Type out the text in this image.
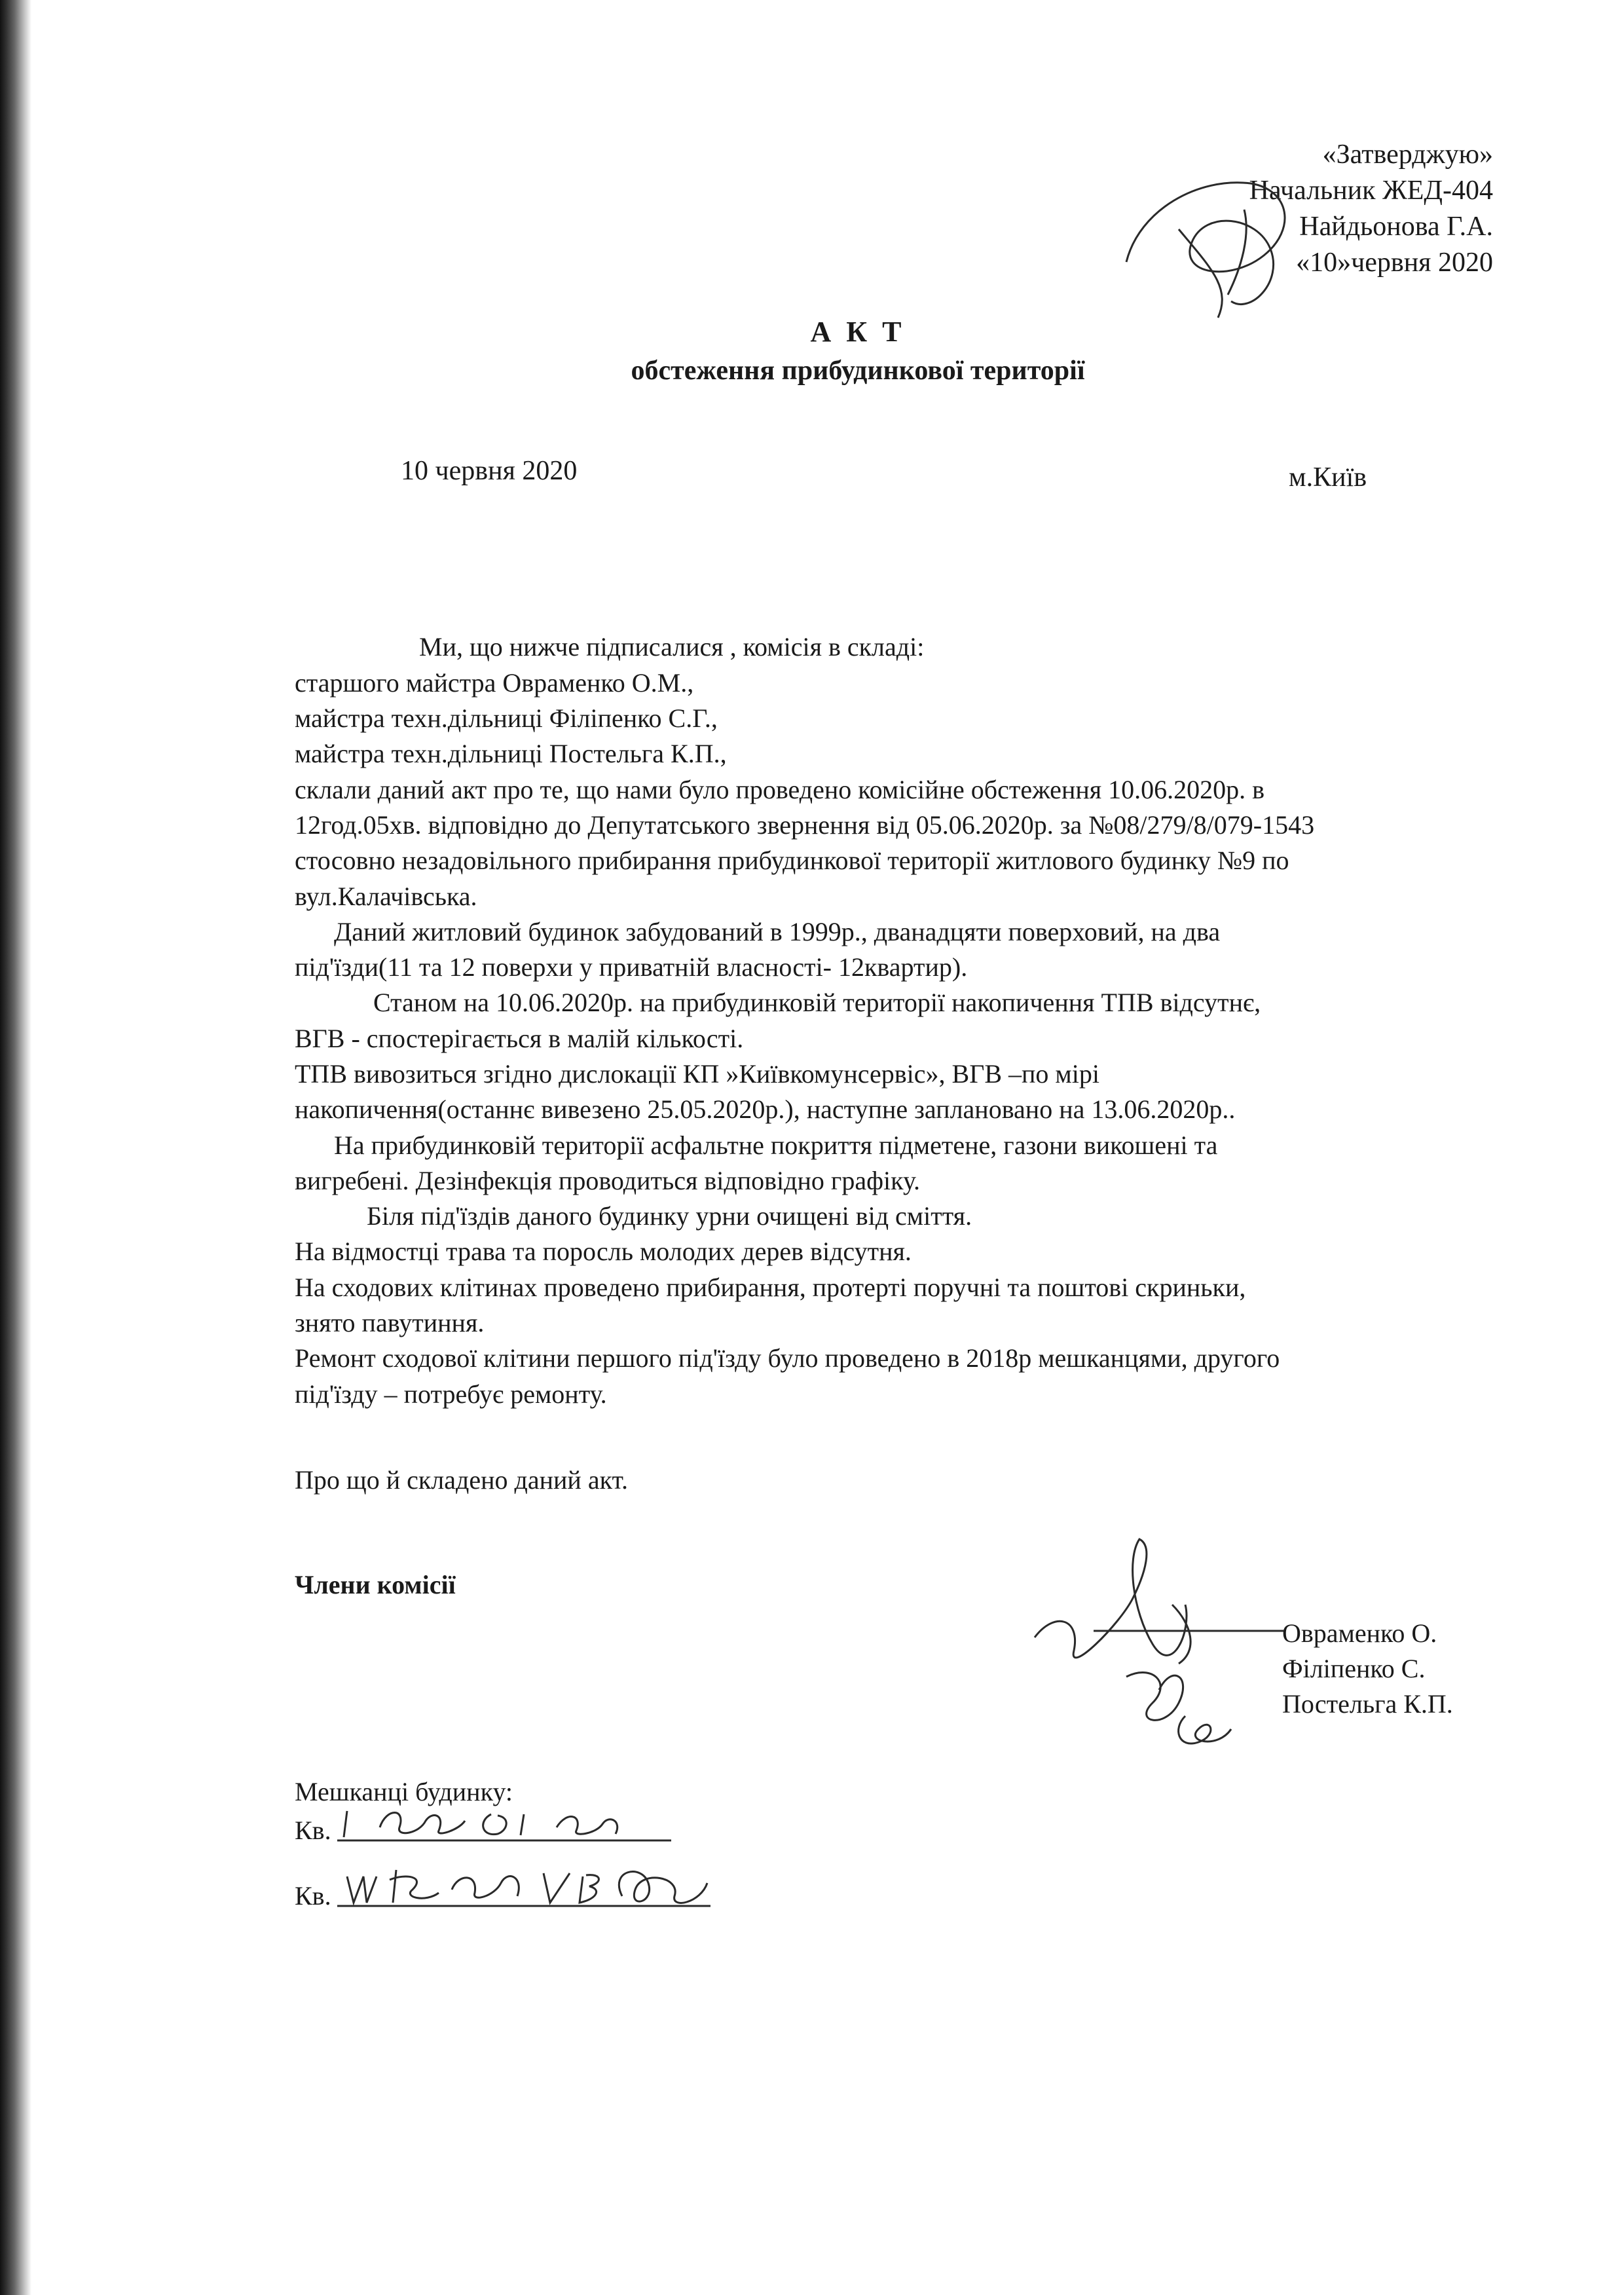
«Затверджую»
Начальник ЖЕД-404
Найдьонова Г.А.
«10»червня 2020
А К Т
обстеження прибудинкової території
10 червня 2020	м.Київ
Ми, що нижче підписалися , комісія в складі:
старшого майстра Овраменко О.М.,
майстра техн.дільниці Філіпенко С.Г.,
майстра техн.дільниці Постельга К.П.,
склали даний акт про те, що нами було проведено комісійне обстеження 10.06.2020р. в
12год.05хв. відповідно до Депутатського звернення від 05.06.2020р. за №08/279/8/079-1543
стосовно незадовільного прибирання прибудинкової території житлового будинку №9 по
вул.Калачівська.
Даний житловий будинок забудований в 1999р., дванадцяти поверховий, на два
під'їзди(11 та 12 поверхи у приватній власності- 12квартир).
Станом на 10.06.2020р. на прибудинковій території накопичення ТПВ відсутнє,
ВГВ - спостерігається в малій кількості.
ТПВ вивозиться згідно дислокації КП »Київкомунсервіс», ВГВ –по мірі
накопичення(останнє вивезено 25.05.2020р.), наступне заплановано на 13.06.2020р..
На прибудинковій території асфальтне покриття підметене, газони викошені та
вигребені. Дезінфекція проводиться відповідно графіку.
Біля під'їздів даного будинку урни очищені від сміття.
На відмостці трава та поросль молодих дерев відсутня.
На сходових клітинах проведено прибирання, протерті поручні та поштові скриньки,
знято павутиння.
Ремонт сходової клітини першого під'їзду було проведено в 2018р мешканцями, другого
під'їзду – потребує ремонту.
Про що й складено даний акт.
Члени комісії
Овраменко О.
Філіпенко С.
Постельга К.П.
Мешканці будинку:
Кв.
Кв.
